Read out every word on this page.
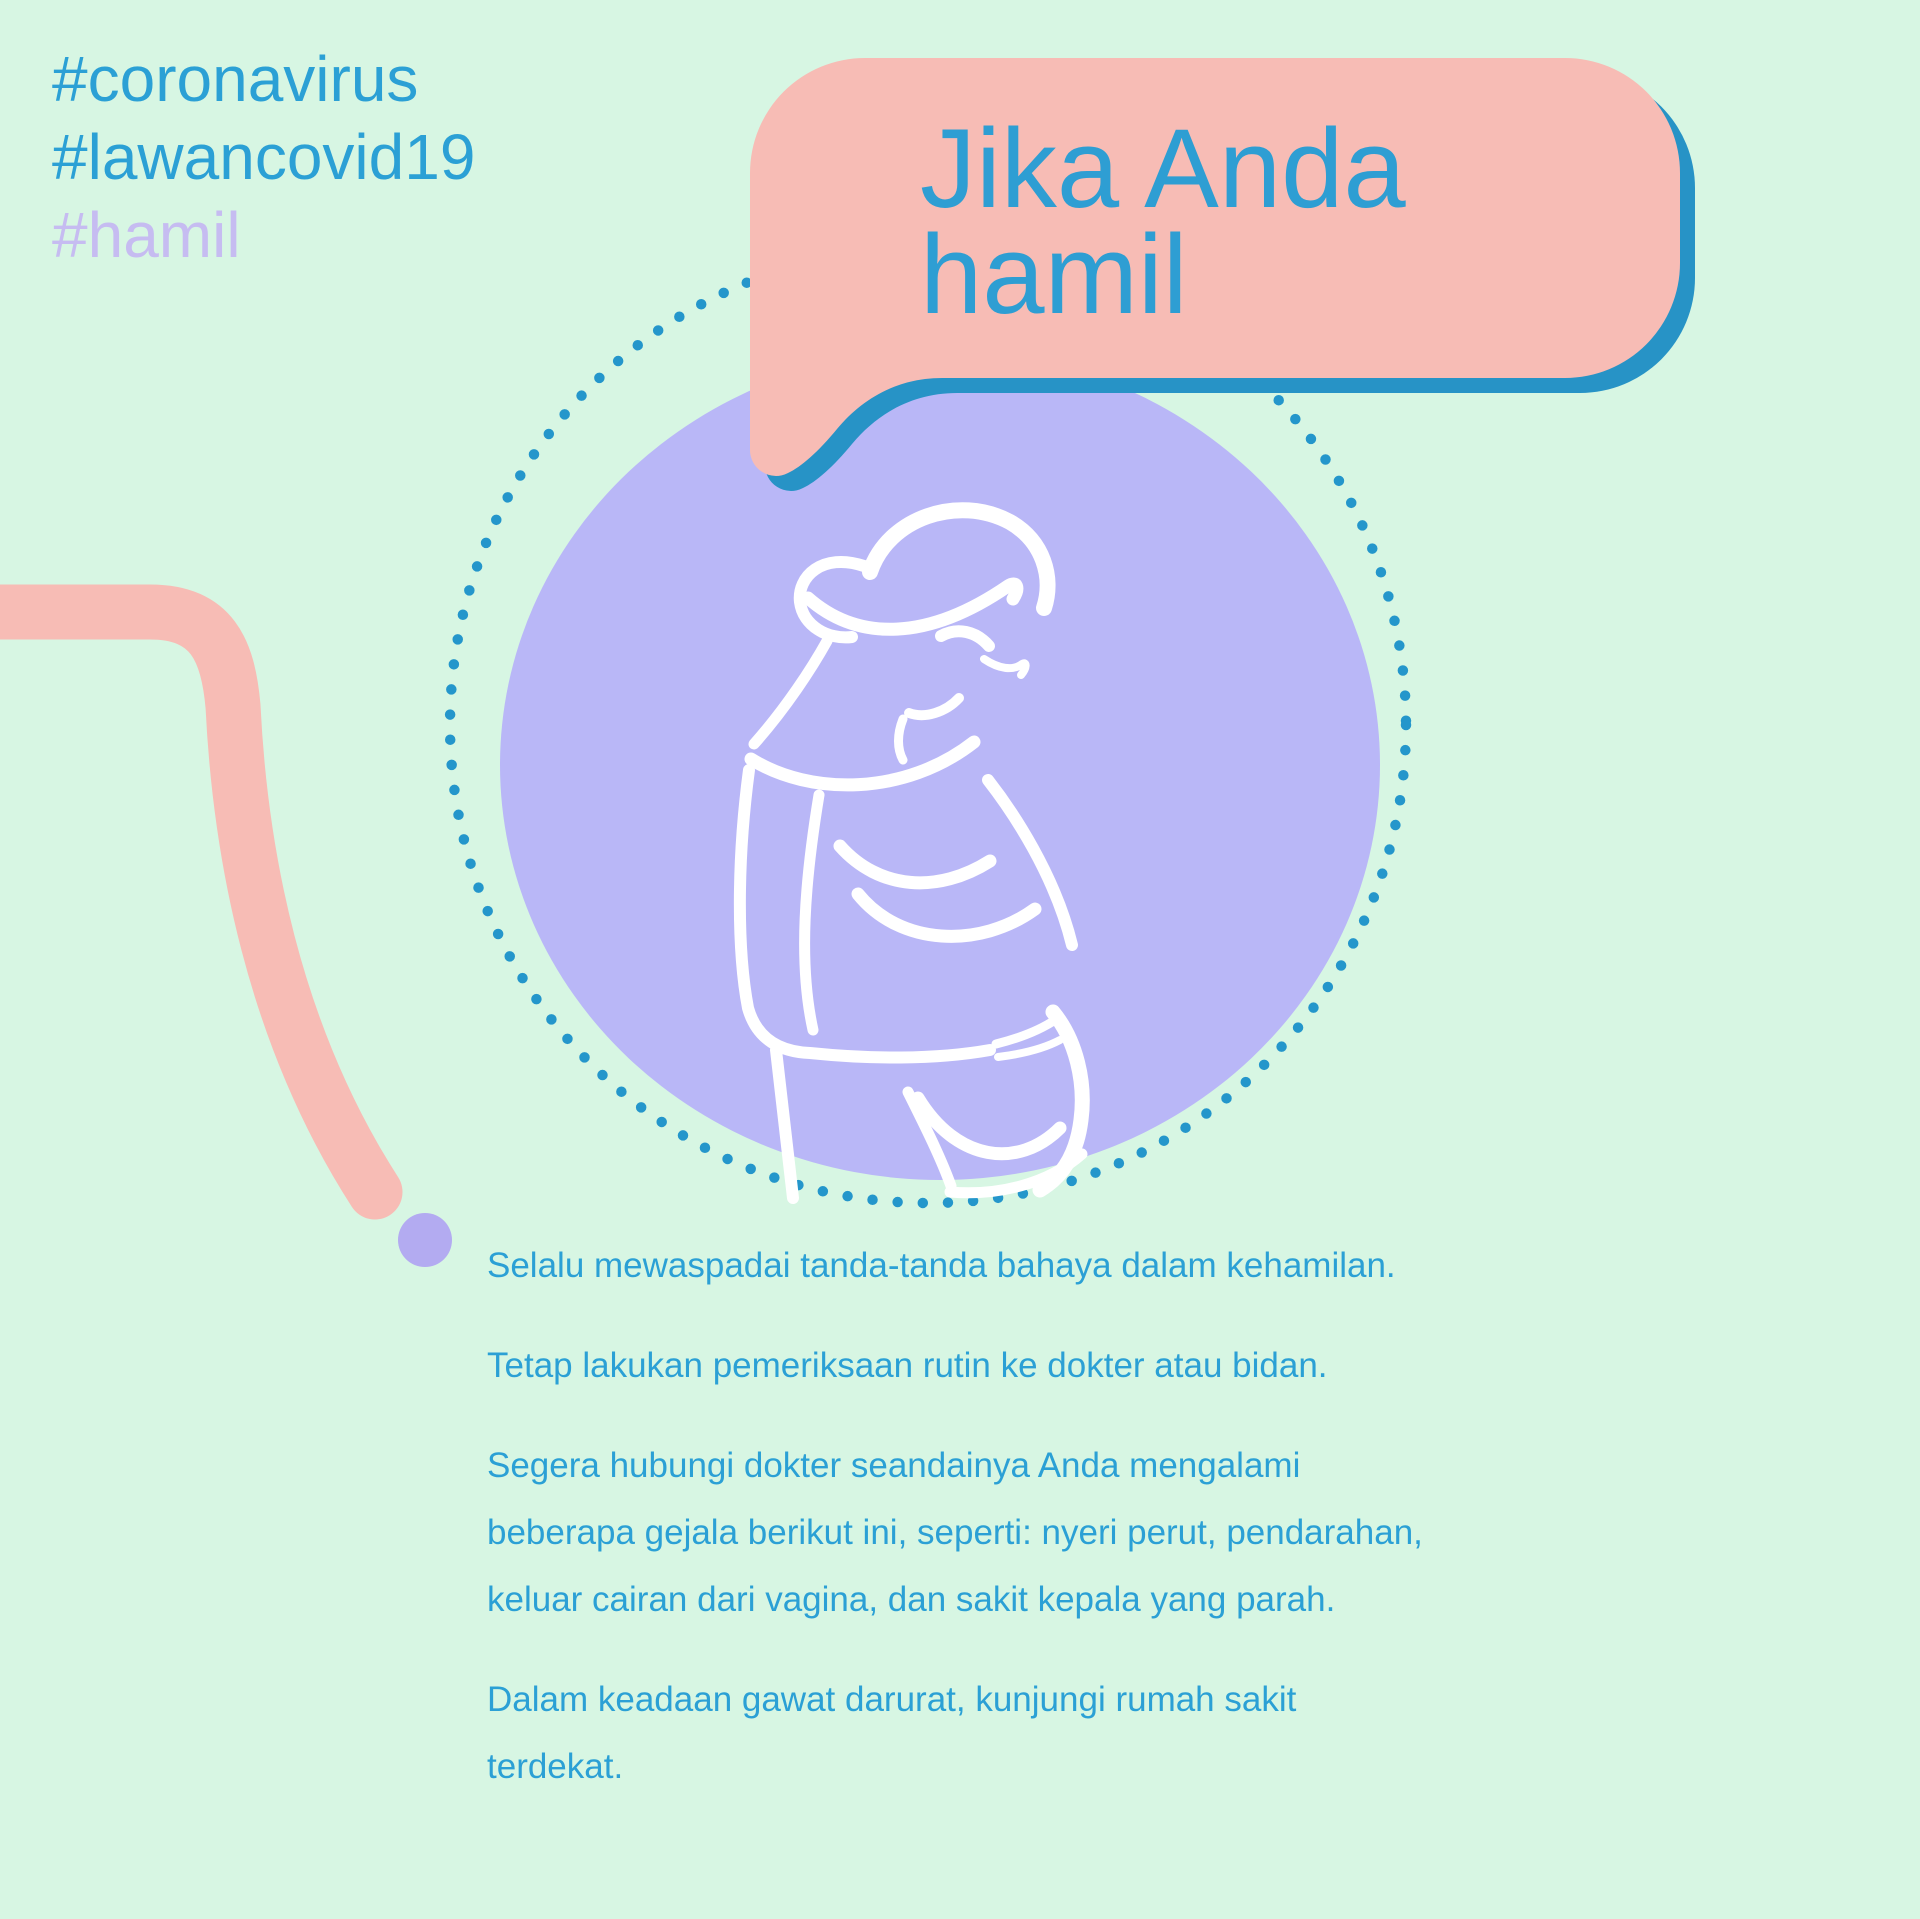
#coronavirus
#lawancovid19
#hamil
Jika Anda
hamil
Selalu mewaspadai tanda-tanda bahaya dalam kehamilan.
Tetap lakukan pemeriksaan rutin ke dokter atau bidan.
Segera hubungi dokter seandainya Anda mengalami
beberapa gejala berikut ini, seperti: nyeri perut, pendarahan,
keluar cairan dari vagina, dan sakit kepala yang parah.
Dalam keadaan gawat darurat, kunjungi rumah sakit
terdekat.
